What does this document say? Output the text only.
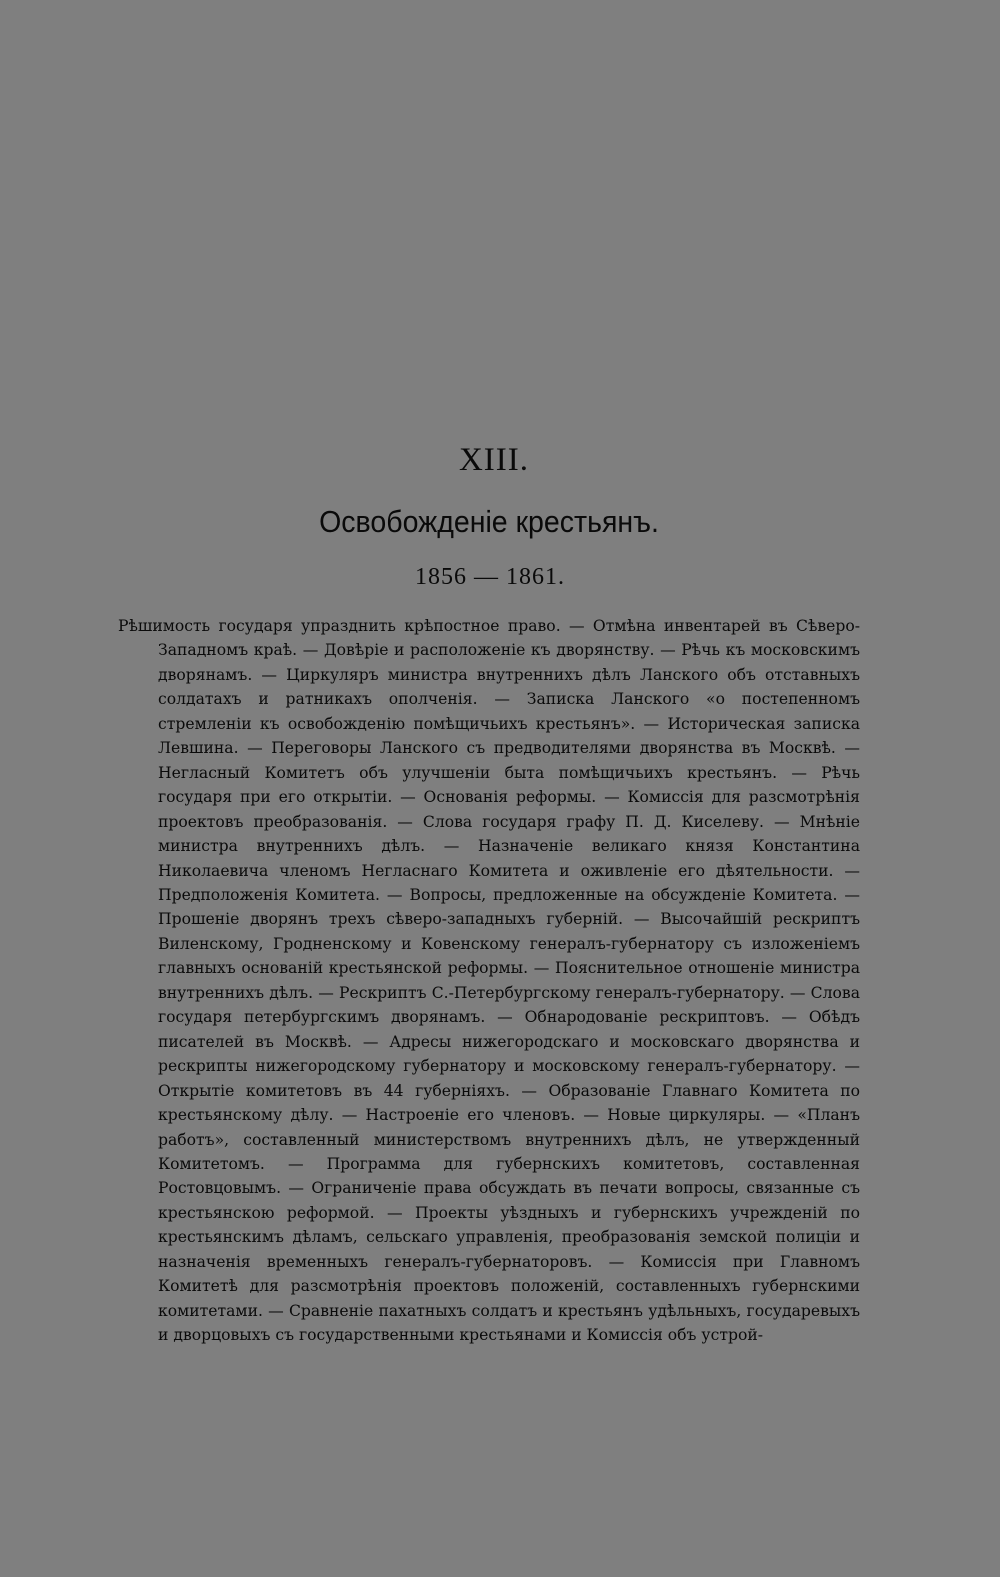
XIII.
Освобожденіе крестьянъ.
1856 — 1861.

Рѣшимость государя упразднить крѣпостное право. — Отмѣна инвентарей въ Сѣверо-Западномъ краѣ. — Довѣріе и расположеніе къ дворянству. — Рѣчь къ московскимъ дворянамъ. — Циркуляръ министра внутреннихъ дѣлъ Ланского объ отставныхъ солдатахъ и ратникахъ ополченія. — Записка Ланского «о постепенномъ стремленіи къ освобожденію помѣщичьихъ крестьянъ». — Историческая записка Левшина. — Переговоры Ланского съ предводителями дворянства въ Москвѣ. — Негласный Комитетъ объ улучшеніи быта помѣщичьихъ крестьянъ. — Рѣчь государя при его открытіи. — Основанія реформы. — Комиссія для разсмотрѣнія проектовъ преобразованія. — Слова государя графу П. Д. Киселеву. — Мнѣніе министра внутреннихъ дѣлъ. — Назначеніе великаго князя Константина Николаевича членомъ Негласнаго Комитета и оживленіе его дѣятельности. — Предположенія Комитета. — Вопросы, предложенные на обсужденіе Комитета. — Прошеніе дворянъ трехъ сѣверо-западныхъ губерній. — Высочайшій рескриптъ Виленскому, Гродненскому и Ковенскому генералъ-губернатору съ изложеніемъ главныхъ основаній крестьянской реформы. — Пояснительное отношеніе министра внутреннихъ дѣлъ. — Рескриптъ С.-Петербургскому генералъ-губернатору. — Слова государя петербургскимъ дворянамъ. — Обнародованіе рескриптовъ. — Обѣдъ писателей въ Москвѣ. — Адресы нижегородскаго и московскаго дворянства и рескрипты нижегородскому губернатору и московскому генералъ-губернатору. — Открытіе комитетовъ въ 44 губерніяхъ. — Образованіе Главнаго Комитета по крестьянскому дѣлу. — Настроеніе его членовъ. — Новые циркуляры. — «Планъ работъ», составленный министерствомъ внутреннихъ дѣлъ, не утвержденный Комитетомъ. — Программа для губернскихъ комитетовъ, составленная Ростовцовымъ. — Ограниченіе права обсуждать въ печати вопросы, связанные съ крестьянскою реформой. — Проекты уѣздныхъ и губернскихъ учрежденій по крестьянскимъ дѣламъ, сельскаго управленія, преобразованія земской полиціи и назначенія временныхъ генералъ-губернаторовъ. — Комиссія при Главномъ Комитетѣ для разсмотрѣнія проектовъ положеній, составленныхъ губернскими комитетами. — Сравненіе пахатныхъ солдатъ и крестьянъ удѣльныхъ, государевыхъ и дворцовыхъ съ государственными крестьянами и Комиссія объ устрой-
